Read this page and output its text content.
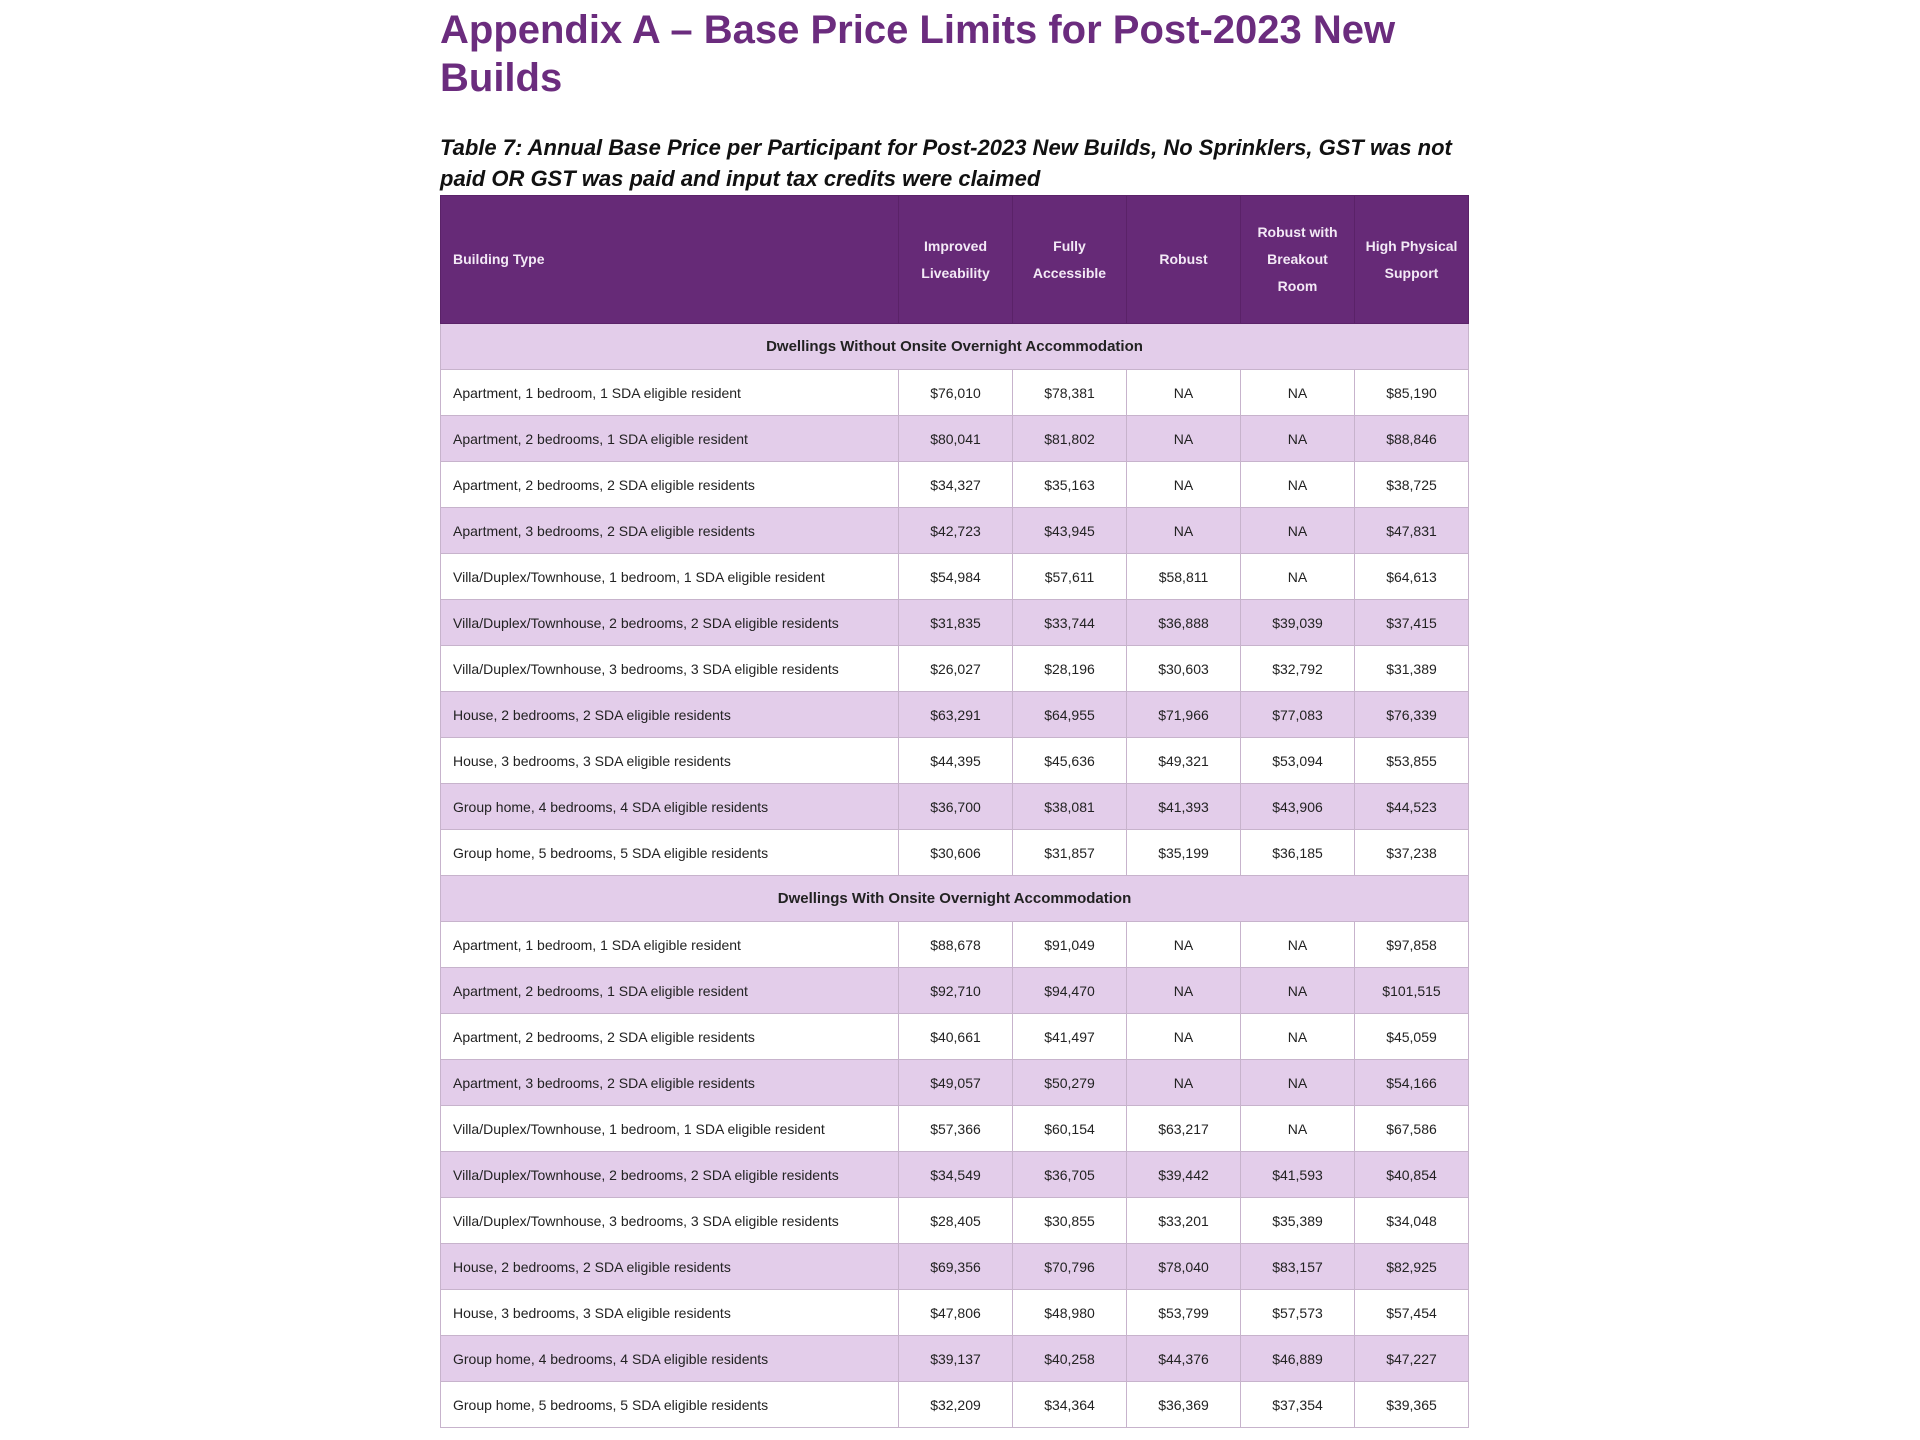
Appendix A – Base Price Limits for Post-2023 New Builds

Table 7: Annual Base Price per Participant for Post-2023 New Builds, No Sprinklers, GST was not paid OR GST was paid and input tax credits were claimed

Building Type	Improved Liveability	Fully Accessible	Robust	Robust with Breakout Room	High Physical Support
Dwellings Without Onsite Overnight Accommodation					
Apartment, 1 bedroom, 1 SDA eligible resident	$76,010	$78,381	NA	NA	$85,190
Apartment, 2 bedrooms, 1 SDA eligible resident	$80,041	$81,802	NA	NA	$88,846
Apartment, 2 bedrooms, 2 SDA eligible residents	$34,327	$35,163	NA	NA	$38,725
Apartment, 3 bedrooms, 2 SDA eligible residents	$42,723	$43,945	NA	NA	$47,831
Villa/Duplex/Townhouse, 1 bedroom, 1 SDA eligible resident	$54,984	$57,611	$58,811	NA	$64,613
Villa/Duplex/Townhouse, 2 bedrooms, 2 SDA eligible residents	$31,835	$33,744	$36,888	$39,039	$37,415
Villa/Duplex/Townhouse, 3 bedrooms, 3 SDA eligible residents	$26,027	$28,196	$30,603	$32,792	$31,389
House, 2 bedrooms, 2 SDA eligible residents	$63,291	$64,955	$71,966	$77,083	$76,339
House, 3 bedrooms, 3 SDA eligible residents	$44,395	$45,636	$49,321	$53,094	$53,855
Group home, 4 bedrooms, 4 SDA eligible residents	$36,700	$38,081	$41,393	$43,906	$44,523
Group home, 5 bedrooms, 5 SDA eligible residents	$30,606	$31,857	$35,199	$36,185	$37,238
Dwellings With Onsite Overnight Accommodation					
Apartment, 1 bedroom, 1 SDA eligible resident	$88,678	$91,049	NA	NA	$97,858
Apartment, 2 bedrooms, 1 SDA eligible resident	$92,710	$94,470	NA	NA	$101,515
Apartment, 2 bedrooms, 2 SDA eligible residents	$40,661	$41,497	NA	NA	$45,059
Apartment, 3 bedrooms, 2 SDA eligible residents	$49,057	$50,279	NA	NA	$54,166
Villa/Duplex/Townhouse, 1 bedroom, 1 SDA eligible resident	$57,366	$60,154	$63,217	NA	$67,586
Villa/Duplex/Townhouse, 2 bedrooms, 2 SDA eligible residents	$34,549	$36,705	$39,442	$41,593	$40,854
Villa/Duplex/Townhouse, 3 bedrooms, 3 SDA eligible residents	$28,405	$30,855	$33,201	$35,389	$34,048
House, 2 bedrooms, 2 SDA eligible residents	$69,356	$70,796	$78,040	$83,157	$82,925
House, 3 bedrooms, 3 SDA eligible residents	$47,806	$48,980	$53,799	$57,573	$57,454
Group home, 4 bedrooms, 4 SDA eligible residents	$39,137	$40,258	$44,376	$46,889	$47,227
Group home, 5 bedrooms, 5 SDA eligible residents	$32,209	$34,364	$36,369	$37,354	$39,365
